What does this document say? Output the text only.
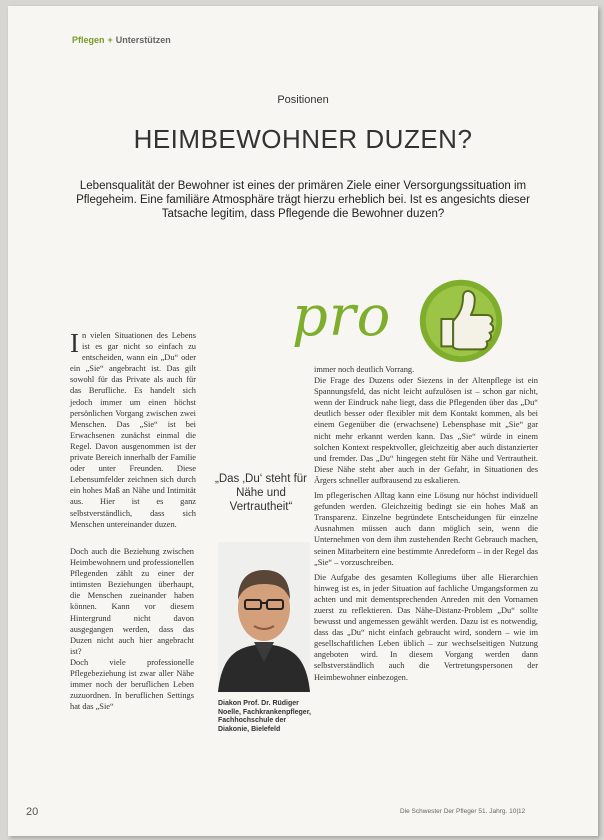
Pflegen + Unterstützen
Positionen
HEIMBEWOHNER DUZEN?
Lebensqualität der Bewohner ist eines der primären Ziele einer Versorgungssituation im Pflegeheim. Eine familiäre Atmosphäre trägt hierzu erheblich bei. Ist es angesichts dieser Tatsache legitim, dass Pflegende die Bewohner duzen?
pro

In vielen Situationen des Lebens ist es gar nicht so einfach zu entscheiden, wann ein „Du“ oder ein „Sie“ angebracht ist. Das gilt sowohl für das Private als auch für das Berufliche. Es handelt sich jedoch immer um einen höchst persönlichen Vorgang zwischen zwei Menschen. Das „Sie“ ist bei Erwachsenen zunächst einmal die Regel. Davon ausgenommen ist der private Bereich innerhalb der Familie oder unter Freunden. Diese Lebensumfelder zeichnen sich durch ein hohes Maß an Nähe und Intimität aus. Hier ist es ganz selbstverständlich, dass sich Menschen untereinander duzen.

Doch auch die Beziehung zwischen Heimbewohnern und professionellen Pflegenden zählt zu einer der intimsten Beziehungen überhaupt, die Menschen zueinander haben können. Kann vor diesem Hintergrund nicht davon ausgegangen werden, dass das Duzen nicht auch hier angebracht ist?
Doch viele professionelle Pflegebeziehung ist zwar aller Nähe immer noch der beruflichen Leben zuzuordnen. In beruflichen Settings hat das „Sie“

„Das ‚Du‘ steht für Nähe und Vertrautheit“
Diakon Prof. Dr. Rüdiger Noelle, Fachkrankenpfleger, Fachhochschule der Diakonie, Bielefeld
immer noch deutlich Vorrang.
Die Frage des Duzens oder Siezens in der Altenpflege ist ein Spannungsfeld, das nicht leicht aufzulösen ist – schon gar nicht, wenn der Eindruck nahe liegt, dass die Pflegenden über das „Du“ deutlich besser oder flexibler mit dem Kontakt kommen, als bei einem Gegenüber die (erwachsene) Lebensphase mit „Sie“ gar nicht mehr erkannt werden kann. Das „Sie“ würde in einem solchen Kontext respektvoller, gleichzeitig aber auch distanzierter und fremder. Das „Du“ hingegen steht für Nähe und Vertrautheit. Diese Nähe steht aber auch in der Gefahr, in Situationen des Ärgers schneller aufbrausend zu eskalieren.
Im pflegerischen Alltag kann eine Lösung nur höchst individuell gefunden werden. Gleichzeitig bedingt sie ein hohes Maß an Transparenz. Einzelne begründete Entscheidungen für einzelne Ausnahmen müssen auch dann möglich sein, wenn die Unternehmen von dem ihm zustehenden Recht Gebrauch machen, seinen Mitarbeitern eine bestimmte Anredeform – in der Regel das „Sie“ – vorzuschreiben.
Die Aufgabe des gesamten Kollegiums über alle Hierarchien hinweg ist es, in jeder Situation auf fachliche Umgangsformen zu achten und mit dementsprechenden Anreden mit den Vornamen zuerst zu reflektieren. Das Nähe-Distanz-Problem „Du“ sollte bewusst und angemessen gewählt werden. Dazu ist es notwendig, dass das „Du“ nicht einfach gebraucht wird, sondern – wie im gesellschaftlichen Leben üblich – zur wechselseitigen Nutzung angeboten wird. In diesem Vorgang werden dann selbstverständlich auch die Vertretungspersonen der Heimbewohner einbezogen.
20	Die Schwester Der Pfleger 51. Jahrg. 10|12
